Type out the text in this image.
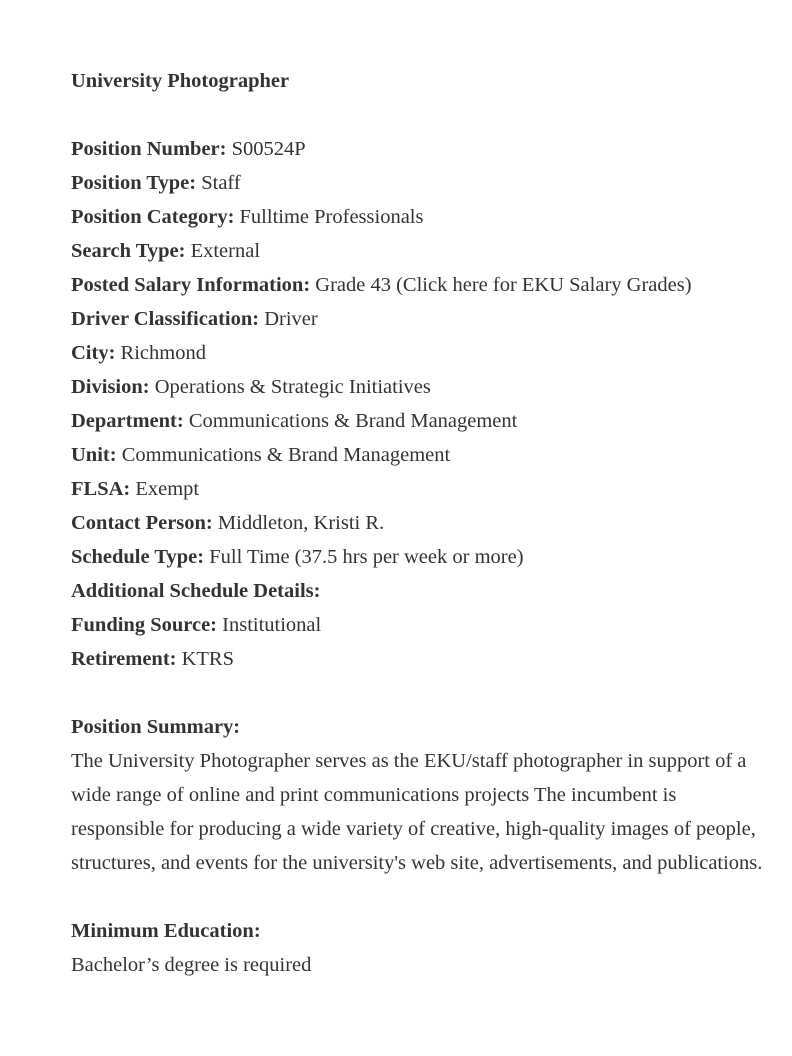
University Photographer

Position Number: S00524P

Position Type: Staff

Position Category: Fulltime Professionals

Search Type: External

Posted Salary Information: Grade 43 (Click here for EKU Salary Grades)

Driver Classification: Driver

City: Richmond

Division: Operations & Strategic Initiatives

Department: Communications & Brand Management

Unit: Communications & Brand Management

FLSA: Exempt

Contact Person: Middleton, Kristi R.

Schedule Type: Full Time (37.5 hrs per week or more)

Additional Schedule Details:

Funding Source: Institutional

Retirement: KTRS

Position Summary:

The University Photographer serves as the EKU/staff photographer in support of a wide range of online and print communications projects The incumbent is responsible for producing a wide variety of creative, high-quality images of people, structures, and events for the university's web site, advertisements, and publications.

Minimum Education:

Bachelor’s degree is required
